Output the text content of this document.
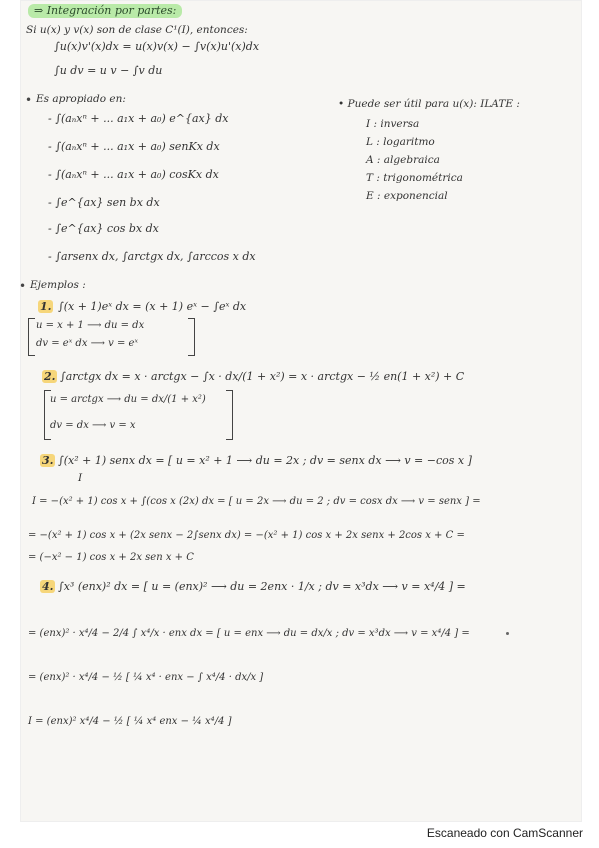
⇒ Integración por partes:
Si u(x) y v(x) son de clase C¹(I), entonces:
∫u(x)v'(x)dx = u(x)v(x) − ∫v(x)u'(x)dx
∫u dv = u v − ∫v du
•
Es apropiado en:
- ∫(aₙxⁿ + ... a₁x + a₀) e^{ax} dx
- ∫(aₙxⁿ + ... a₁x + a₀) senKx dx
- ∫(aₙxⁿ + ... a₁x + a₀) cosKx dx
- ∫e^{ax} sen bx dx
- ∫e^{ax} cos bx dx
- ∫arsenx dx, ∫arctgx dx, ∫arccos x dx
• Puede ser útil para u(x): ILATE :
I : inversa
L : logaritmo
A : algebraica
T : trigonométrica
E : exponencial
•
Ejemplos :
1. ∫(x + 1)eˣ dx = (x + 1) eˣ − ∫eˣ dx
u = x + 1 ⟶ du = dx
dv = eˣ dx ⟶ v = eˣ
2. ∫arctgx dx = x · arctgx − ∫x · dx/(1 + x²) = x · arctgx − ½ en(1 + x²) + C
u = arctgx ⟶ du = dx/(1 + x²)
dv = dx ⟶ v = x
3. ∫(x² + 1) senx dx = [ u = x² + 1 ⟶ du = 2x ; dv = senx dx ⟶ v = −cos x ]
I
I = −(x² + 1) cos x + ∫(cos x (2x) dx = [ u = 2x ⟶ du = 2 ; dv = cosx dx ⟶ v = senx ] =
= −(x² + 1) cos x + (2x senx − 2∫senx dx) = −(x² + 1) cos x + 2x senx + 2cos x + C =
= (−x² − 1) cos x + 2x sen x + C
4. ∫x³ (enx)² dx = [ u = (enx)² ⟶ du = 2enx · 1/x ; dv = x³dx ⟶ v = x⁴/4 ] =
= (enx)² · x⁴/4 − 2/4 ∫ x⁴/x · enx dx = [ u = enx ⟶ du = dx/x ; dv = x³dx ⟶ v = x⁴/4 ] =
= (enx)² · x⁴/4 − ½ [ ¼ x⁴ · enx − ∫ x⁴/4 · dx/x ]
I = (enx)² x⁴/4 − ½ [ ¼ x⁴ enx − ¼ x⁴/4 ]
Escaneado con CamScanner
